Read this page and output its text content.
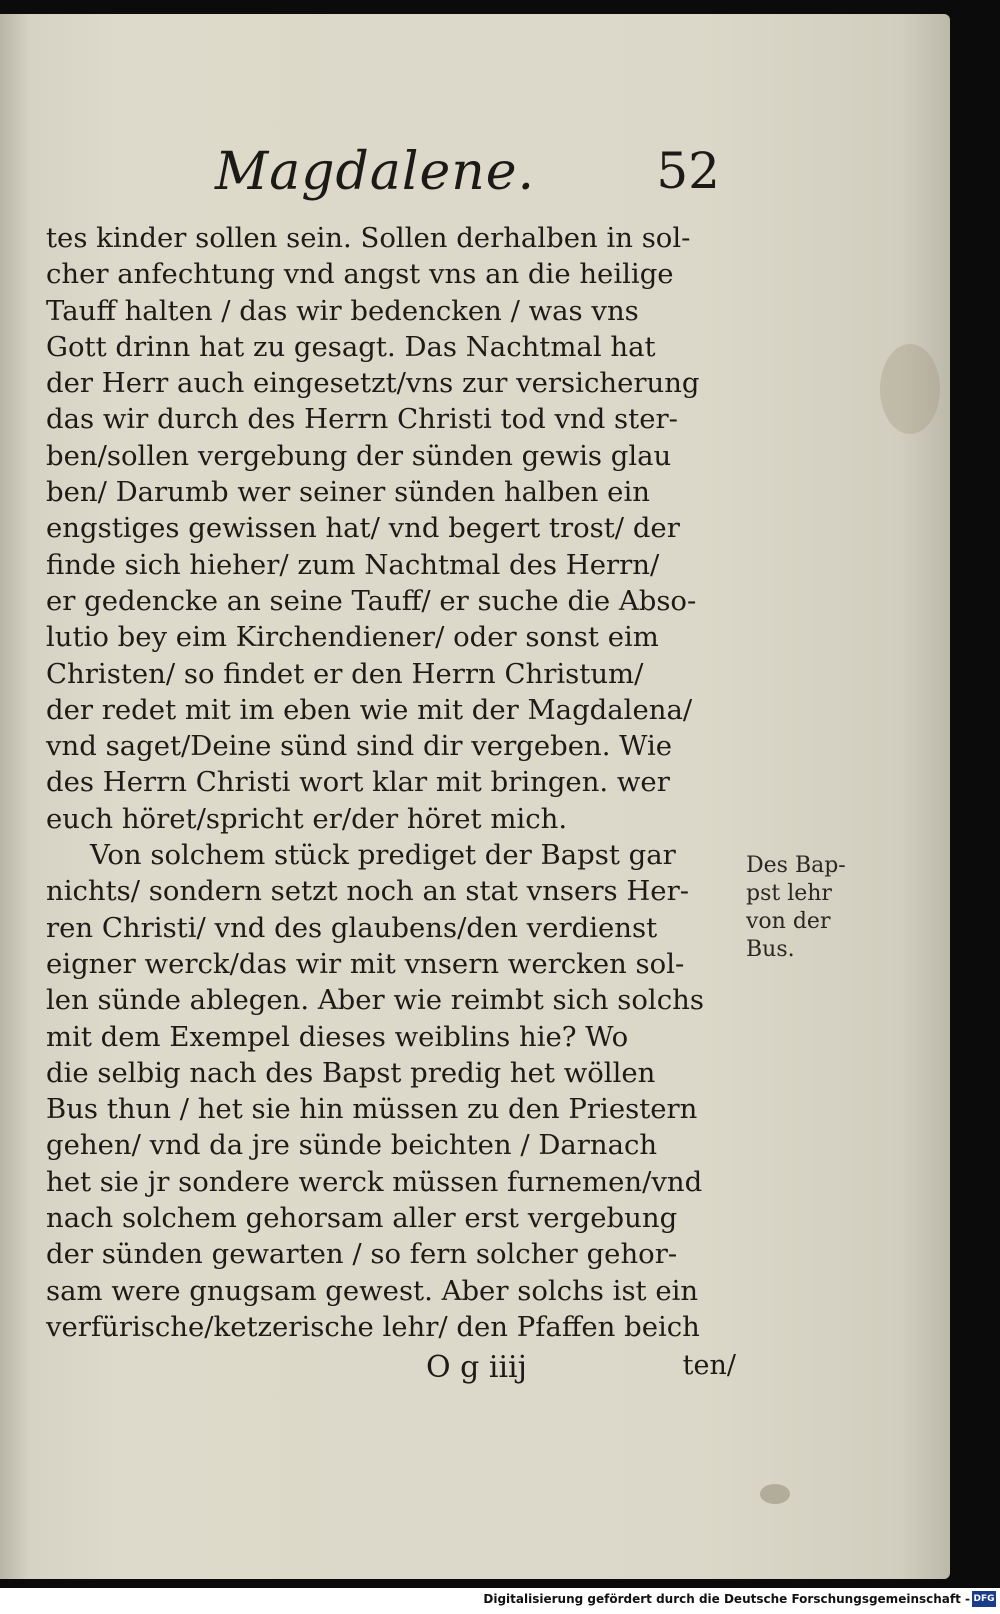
Magdalene. 52
tes kinder sollen sein. Sollen derhalben in sol-
cher anfechtung vnd angst vns an die heilige
Tauff halten / das wir bedencken / was vns
Gott drinn hat zu gesagt. Das Nachtmal hat
der Herr auch eingesetzt/vns zur versicherung
das wir durch des Herrn Christi tod vnd ster-
ben/sollen vergebung der sünden gewis glau
ben/ Darumb wer seiner sünden halben ein
engstiges gewissen hat/ vnd begert trost/ der
finde sich hieher/ zum Nachtmal des Herrn/
er gedencke an seine Tauff/ er suche die Abso-
lutio bey eim Kirchendiener/ oder sonst eim
Christen/ so findet er den Herrn Christum/
der redet mit im eben wie mit der Magdalena/
vnd saget/Deine sünd sind dir vergeben. Wie
des Herrn Christi wort klar mit bringen. wer
euch höret/spricht er/der höret mich.
Von solchem stück prediget der Bapst gar
nichts/ sondern setzt noch an stat vnsers Her-
ren Christi/ vnd des glaubens/den verdienst
eigner werck/das wir mit vnsern wercken sol-
len sünde ablegen. Aber wie reimbt sich solchs
mit dem Exempel dieses weiblins hie? Wo
die selbig nach des Bapst predig het wöllen
Bus thun / het sie hin müssen zu den Priestern
gehen/ vnd da jre sünde beichten / Darnach
het sie jr sondere werck müssen furnemen/vnd
nach solchem gehorsam aller erst vergebung
der sünden gewarten / so fern solcher gehor-
sam were gnugsam gewest. Aber solchs ist ein
verfürische/ketzerische lehr/ den Pfaffen beich
Des Bap-
pst lehr
von der
Bus.
O g iiij	ten/
Digitalisierung gefördert durch die Deutsche Forschungsgemeinschaft - DFG
